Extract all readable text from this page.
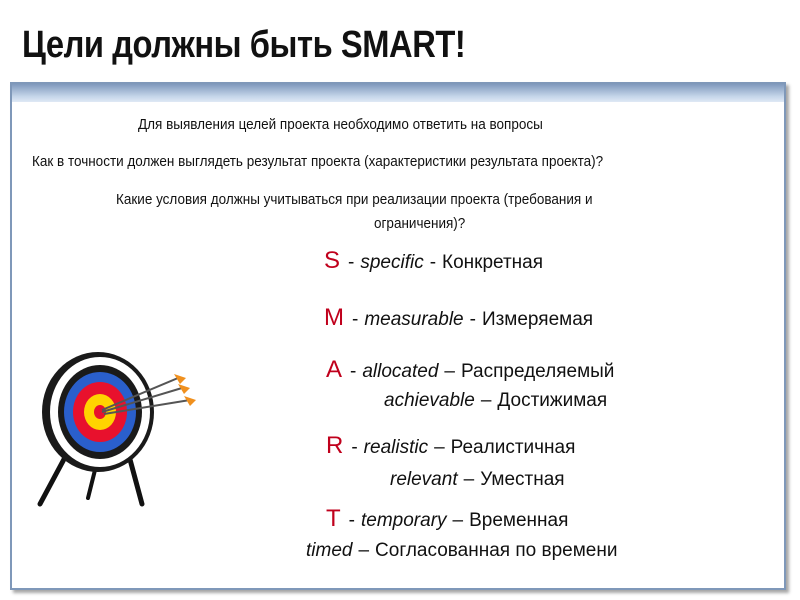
Цели должны быть SMART!
Для выявления целей проекта необходимо ответить на вопросы
Как в точности должен выглядеть результат проекта (характеристики результата проекта)?
Какие условия должны учитываться при реализации проекта (требования и
ограничения)?
S - specific - Конкретная
M - measurable - Измеряемая
A - allocated – Распределяемый
achievable – Достижимая
R - realistic – Реалистичная
relevant – Уместная
T - temporary – Временная
timed – Согласованная по времени
